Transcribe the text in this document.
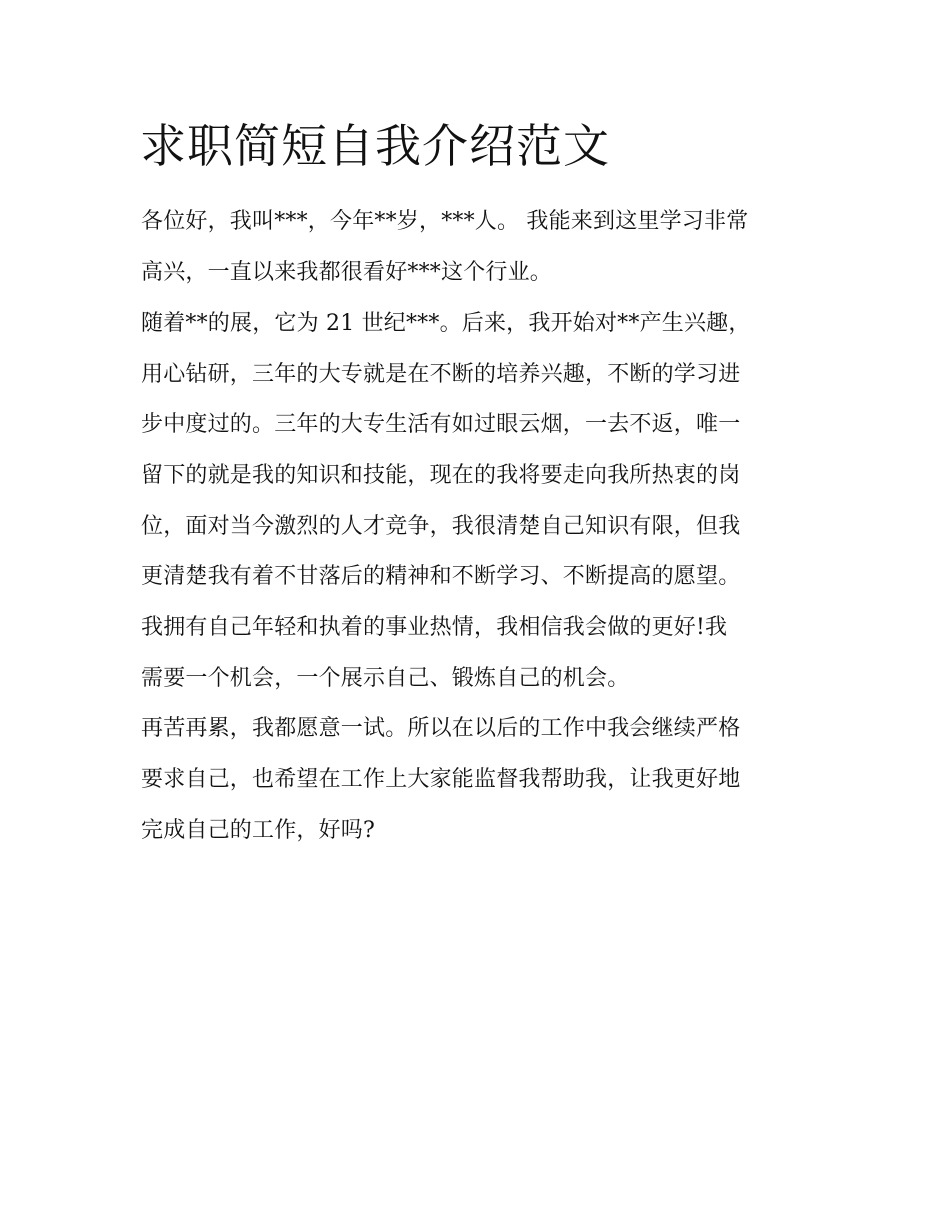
求职简短自我介绍范文
各位好，我叫***，今年**岁，***人。 我能来到这里学习非常
高兴，一直以来我都很看好***这个行业。
随着**的展，它为 21 世纪***。后来，我开始对**产生兴趣，
用心钻研，三年的大专就是在不断的培养兴趣，不断的学习进
步中度过的。三年的大专生活有如过眼云烟，一去不返，唯一
留下的就是我的知识和技能，现在的我将要走向我所热衷的岗
位，面对当今激烈的人才竞争，我很清楚自己知识有限，但我
更清楚我有着不甘落后的精神和不断学习、不断提高的愿望。
我拥有自己年轻和执着的事业热情，我相信我会做的更好!我
需要一个机会，一个展示自己、锻炼自己的机会。
再苦再累，我都愿意一试。所以在以后的工作中我会继续严格
要求自己，也希望在工作上大家能监督我帮助我，让我更好地
完成自己的工作，好吗?
